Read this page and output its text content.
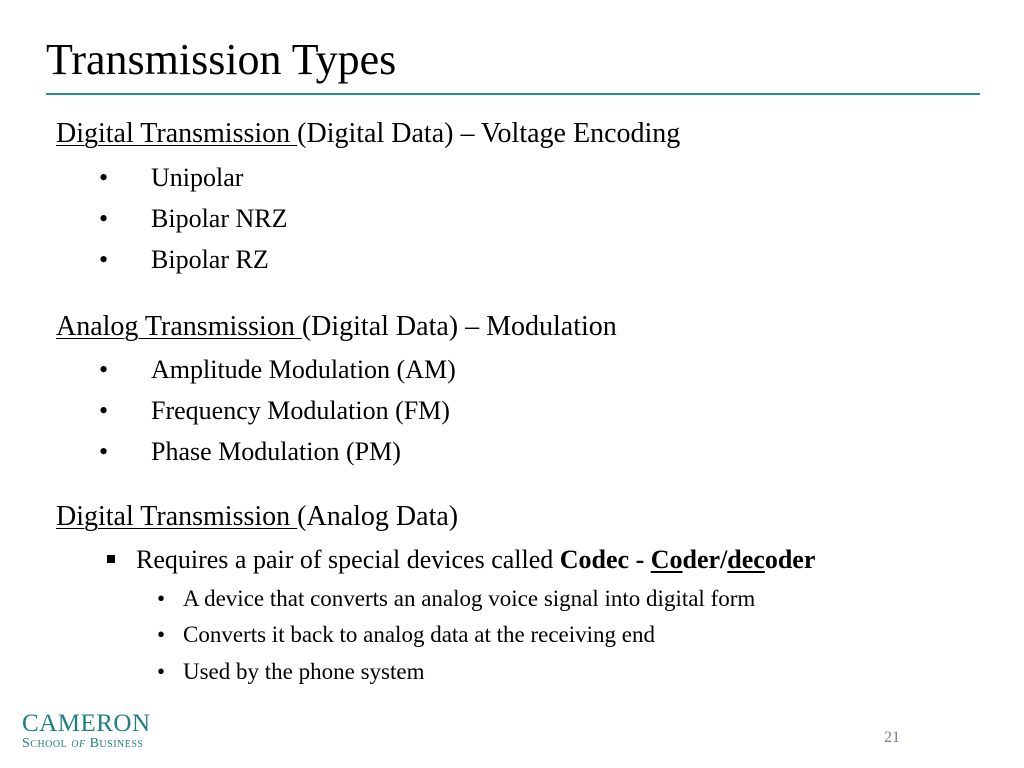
Transmission Types
Digital Transmission (Digital Data) – Voltage Encoding
• Unipolar
• Bipolar NRZ
• Bipolar RZ
Analog Transmission (Digital Data) – Modulation
• Amplitude Modulation (AM)
• Frequency Modulation (FM)
• Phase Modulation (PM)
Digital Transmission (Analog Data)
Requires a pair of special devices called Codec - Coder/decoder
• A device that converts an analog voice signal into digital form
• Converts it back to analog data at the receiving end
• Used by the phone system
CAMERON
School of Business	21
